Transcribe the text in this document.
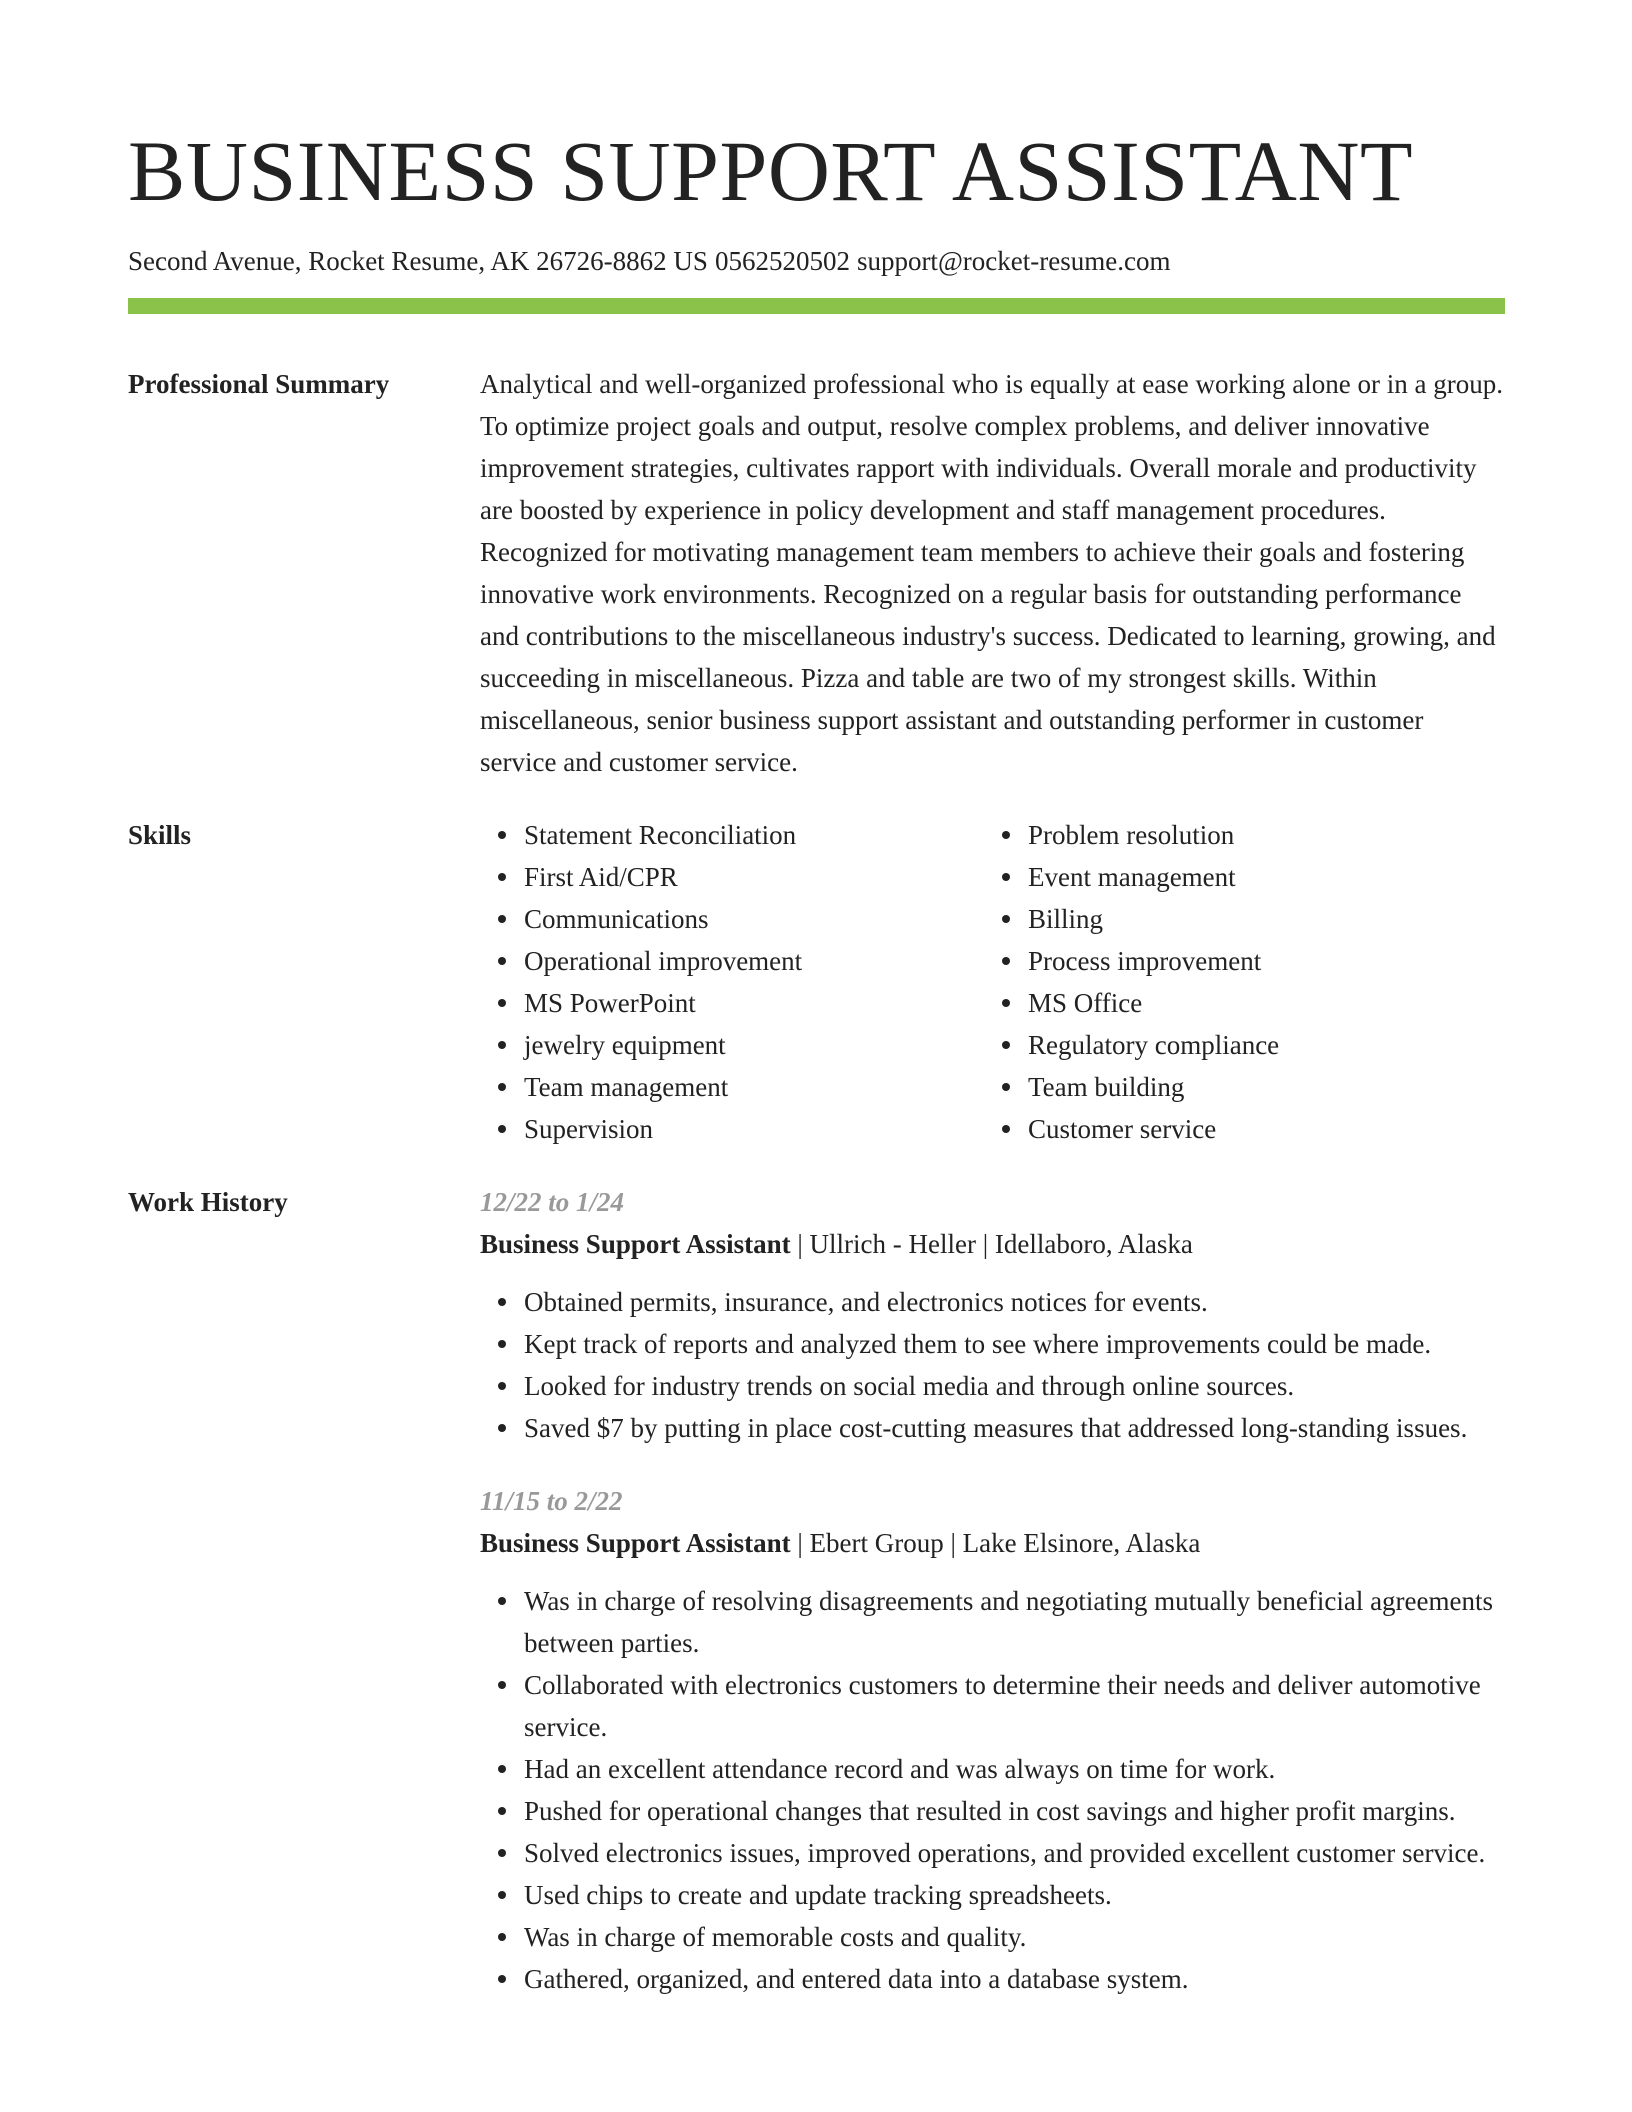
BUSINESS SUPPORT ASSISTANT
Second Avenue, Rocket Resume, AK 26726-8862 US 0562520502 support@rocket-resume.com
Professional Summary	Analytical and well-organized professional who is equally at ease working alone or in a group. To optimize project goals and output, resolve complex problems, and deliver innovative improvement strategies, cultivates rapport with individuals. Overall morale and productivity are boosted by experience in policy development and staff management procedures. Recognized for motivating management team members to achieve their goals and fostering innovative work environments. Recognized on a regular basis for outstanding performance and contributions to the miscellaneous industry's success. Dedicated to learning, growing, and succeeding in miscellaneous. Pizza and table are two of my strongest skills. Within miscellaneous, senior business support assistant and outstanding performer in customer service and customer service.

Skills	Statement Reconciliation
First Aid/CPR
Communications
Operational improvement
MS PowerPoint
jewelry equipment
Team management
Supervision
Problem resolution
Event management
Billing
Process improvement
MS Office
Regulatory compliance
Team building
Customer service
Work History	12/22 to 1/24
Business Support Assistant | Ullrich - Heller | Idellaboro, Alaska
Obtained permits, insurance, and electronics notices for events.
Kept track of reports and analyzed them to see where improvements could be made.
Looked for industry trends on social media and through online sources.
Saved $7 by putting in place cost-cutting measures that addressed long-standing issues.
11/15 to 2/22
Business Support Assistant | Ebert Group | Lake Elsinore, Alaska
Was in charge of resolving disagreements and negotiating mutually beneficial agreements between parties.
Collaborated with electronics customers to determine their needs and deliver automotive service.
Had an excellent attendance record and was always on time for work.
Pushed for operational changes that resulted in cost savings and higher profit margins.
Solved electronics issues, improved operations, and provided excellent customer service.
Used chips to create and update tracking spreadsheets.
Was in charge of memorable costs and quality.
Gathered, organized, and entered data into a database system.
